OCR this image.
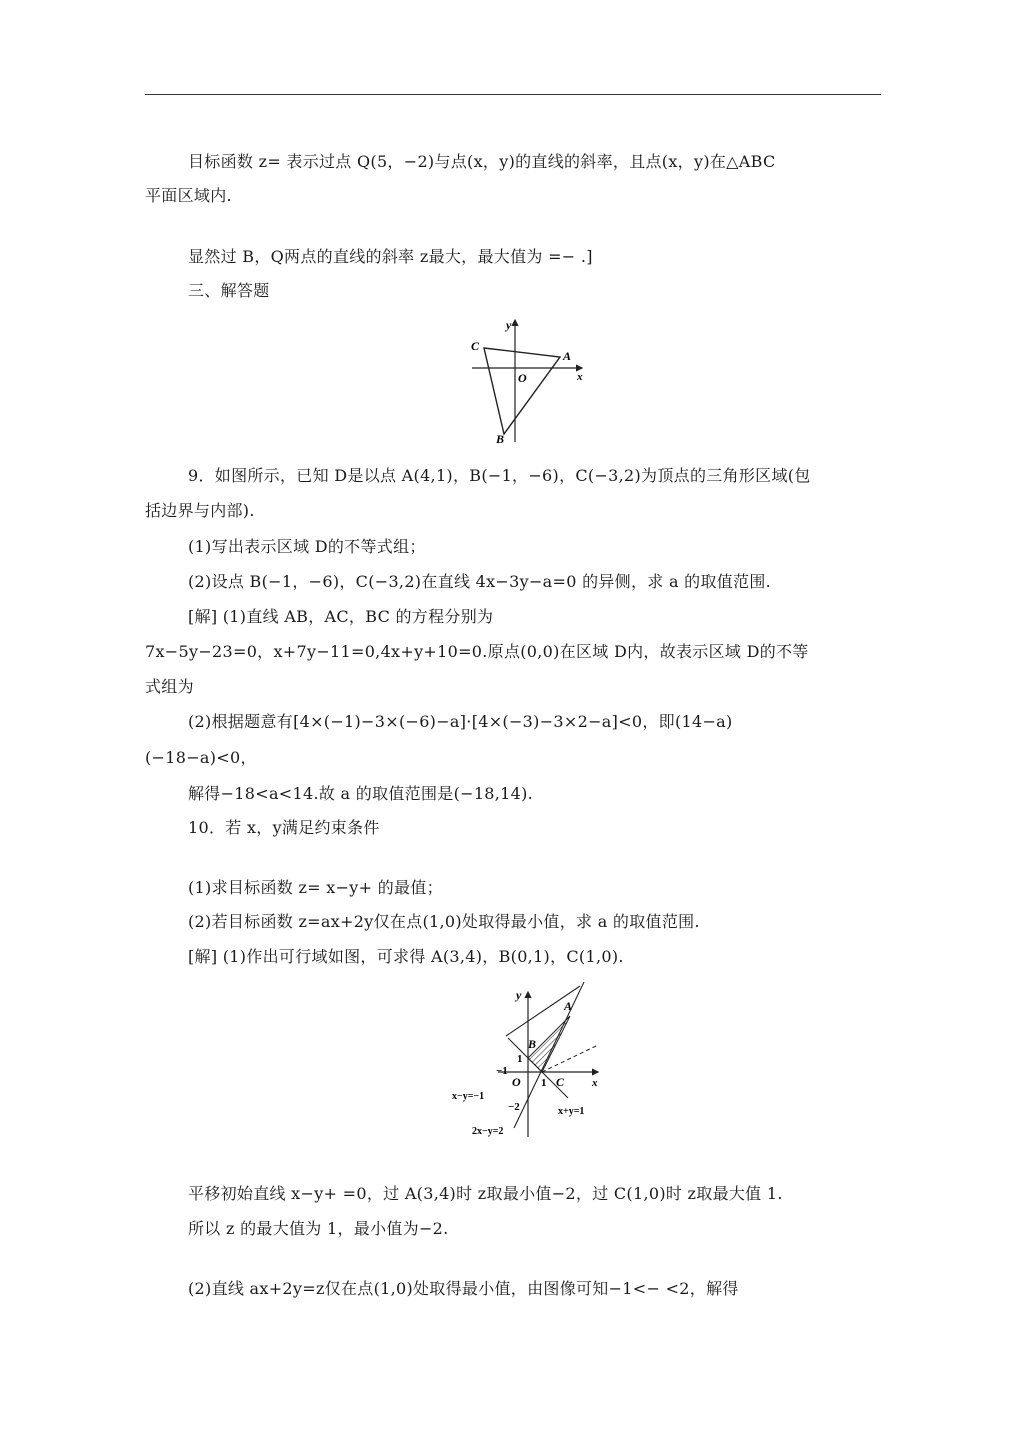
目标函数 z= 表示过点 Q(5，−2)与点(x，y)的直线的斜率，且点(x，y)在△ABC
平面区域内.
显然过 B，Q两点的直线的斜率 z最大，最大值为 =− .]
三、解答题
y
x
O
A
B
C
9．如图所示，已知 D是以点 A(4,1)，B(−1，−6)，C(−3,2)为顶点的三角形区域(包
括边界与内部).
(1)写出表示区域 D的不等式组；
(2)设点 B(−1，−6)，C(−3,2)在直线 4x−3y−a=0 的异侧，求 a 的取值范围.
[解] (1)直线 AB，AC，BC 的方程分别为
7x−5y−23=0，x+7y−11=0,4x+y+10=0.原点(0,0)在区域 D内，故表示区域 D的不等
式组为
(2)根据题意有[4×(−1)−3×(−6)−a]·[4×(−3)−3×2−a]<0，即(14−a)
(−18−a)<0，
解得−18<a<14.故 a 的取值范围是(−18,14).
10．若 x，y满足约束条件
(1)求目标函数 z= x−y+ 的最值；
(2)若目标函数 z=ax+2y仅在点(1,0)处取得最小值，求 a 的取值范围.
[解] (1)作出可行域如图，可求得 A(3,4)，B(0,1)，C(1,0).
y
x
O
A
B
C
1
1
−1
−2
x−y=−1
x+y=1
2x−y=2
平移初始直线 x−y+ =0，过 A(3,4)时 z取最小值−2，过 C(1,0)时 z取最大值 1.
所以 z 的最大值为 1，最小值为−2.
(2)直线 ax+2y=z仅在点(1,0)处取得最小值，由图像可知−1<− <2，解得
